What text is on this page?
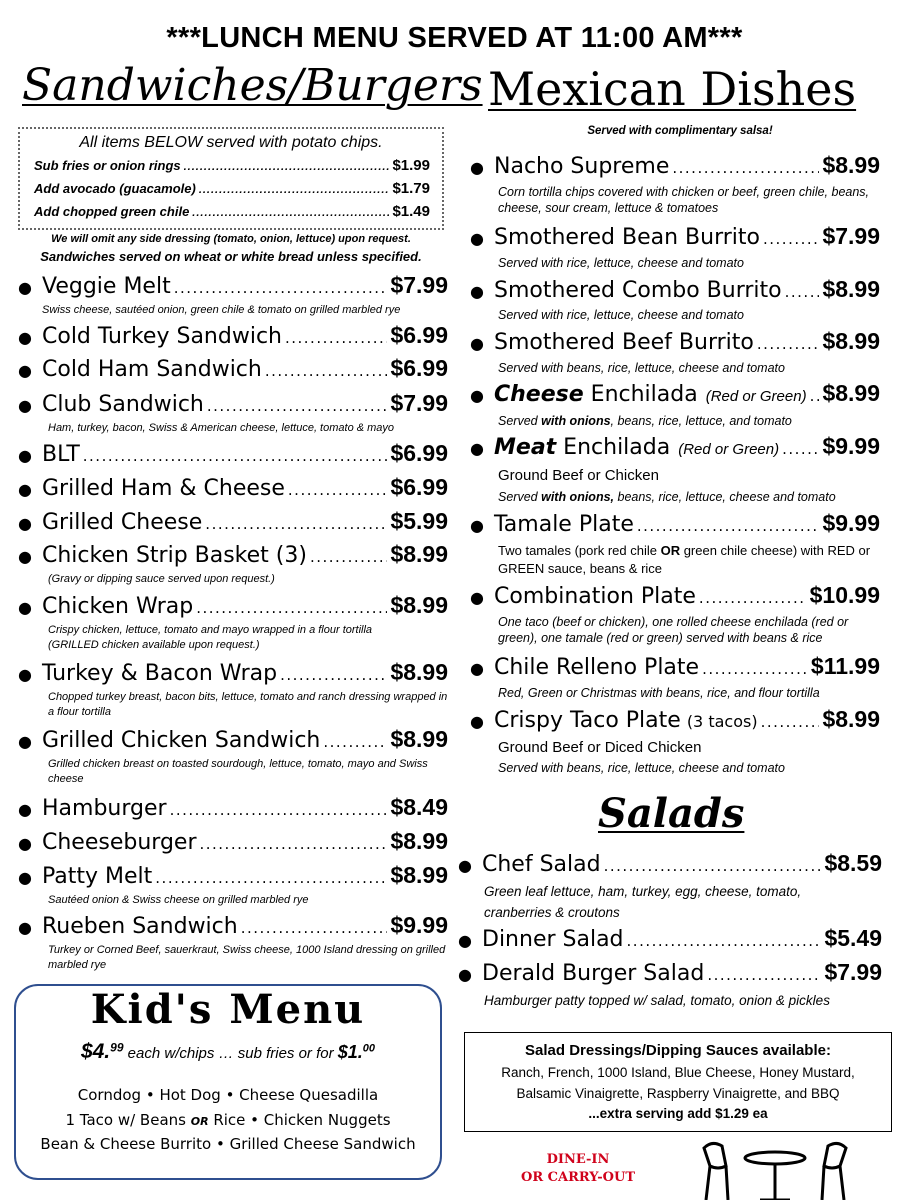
***LUNCH MENU SERVED AT 11:00 AM***
Sandwiches/Burgers
All items BELOW served with potato chips.
Sub fries or onion rings .....	$1.99
Add avocado (guacamole) .....	$1.79
Add chopped green chile .....	$1.49
We will omit any side dressing (tomato, onion, lettuce) upon request.
Sandwiches served on wheat or white bread unless specified.
● Veggie Melt .....	$7.99
Swiss cheese, sautéed onion, green chile & tomato on grilled marbled rye
● Cold Turkey Sandwich .....	$6.99
● Cold Ham Sandwich .....	$6.99
● Club Sandwich .....	$7.99
Ham, turkey, bacon, Swiss & American cheese, lettuce, tomato & mayo
● BLT .....	$6.99
● Grilled Ham & Cheese .....	$6.99
● Grilled Cheese .....	$5.99
● Chicken Strip Basket (3) .....	$8.99
(Gravy or dipping sauce served upon request.)
● Chicken Wrap .....	$8.99
Crispy chicken, lettuce, tomato and mayo wrapped in a flour tortilla
(GRILLED chicken available upon request.)
● Turkey & Bacon Wrap .....	$8.99
Chopped turkey breast, bacon bits, lettuce, tomato and ranch dressing wrapped in a flour tortilla
● Grilled Chicken Sandwich .....	$8.99
Grilled chicken breast on toasted sourdough, lettuce, tomato, mayo and Swiss cheese
● Hamburger .....	$8.49
● Cheeseburger .....	$8.99
● Patty Melt .....	$8.99
Sautéed onion & Swiss cheese on grilled marbled rye
● Rueben Sandwich .....	$9.99
Turkey or Corned Beef, sauerkraut, Swiss cheese, 1000 Island dressing on grilled marbled rye
Kid's Menu
$4.99 each w/chips … sub fries or for $1.00
Corndog • Hot Dog • Cheese Quesadilla
1 Taco w/ Beans OR Rice • Chicken Nuggets
Bean & Cheese Burrito • Grilled Cheese Sandwich
Mexican Dishes
Served with complimentary salsa!
● Nacho Supreme .....	$8.99
Corn tortilla chips covered with chicken or beef, green chile, beans, cheese, sour cream, lettuce & tomatoes
● Smothered Bean Burrito .....	$7.99
Served with rice, lettuce, cheese and tomato
● Smothered Combo Burrito ..... $8.99
Served with rice, lettuce, cheese and tomato
● Smothered Beef Burrito .....	$8.99
Served with beans, rice, lettuce, cheese and tomato
● Cheese Enchilada (Red or Green) ..... $8.99
Served with onions, beans, rice, lettuce, and tomato
● Meat Enchilada (Red or Green) ..... $9.99
Ground Beef or Chicken
Served with onions, beans, rice, lettuce, cheese and tomato
● Tamale Plate .....	$9.99
Two tamales (pork red chile OR green chile cheese) with RED or GREEN sauce, beans & rice
● Combination Plate .....	$10.99
One taco (beef or chicken), one rolled cheese enchilada (red or green), one tamale (red or green) served with beans & rice
● Chile Relleno Plate .....	$11.99
Red, Green or Christmas with beans, rice, and flour tortilla
● Crispy Taco Plate (3 tacos) .....	$8.99
Ground Beef or Diced Chicken
Served with beans, rice, lettuce, cheese and tomato
Salads
● Chef Salad .....	$8.59
Green leaf lettuce, ham, turkey, egg, cheese, tomato, cranberries & croutons
● Dinner Salad .....	$5.49
● Derald Burger Salad .....	$7.99
Hamburger patty topped w/ salad, tomato, onion & pickles
Salad Dressings/Dipping Sauces available:
Ranch, French, 1000 Island, Blue Cheese, Honey Mustard,
Balsamic Vinaigrette, Raspberry Vinaigrette, and BBQ
...extra serving add $1.29 ea
DINE-IN
OR CARRY-OUT
